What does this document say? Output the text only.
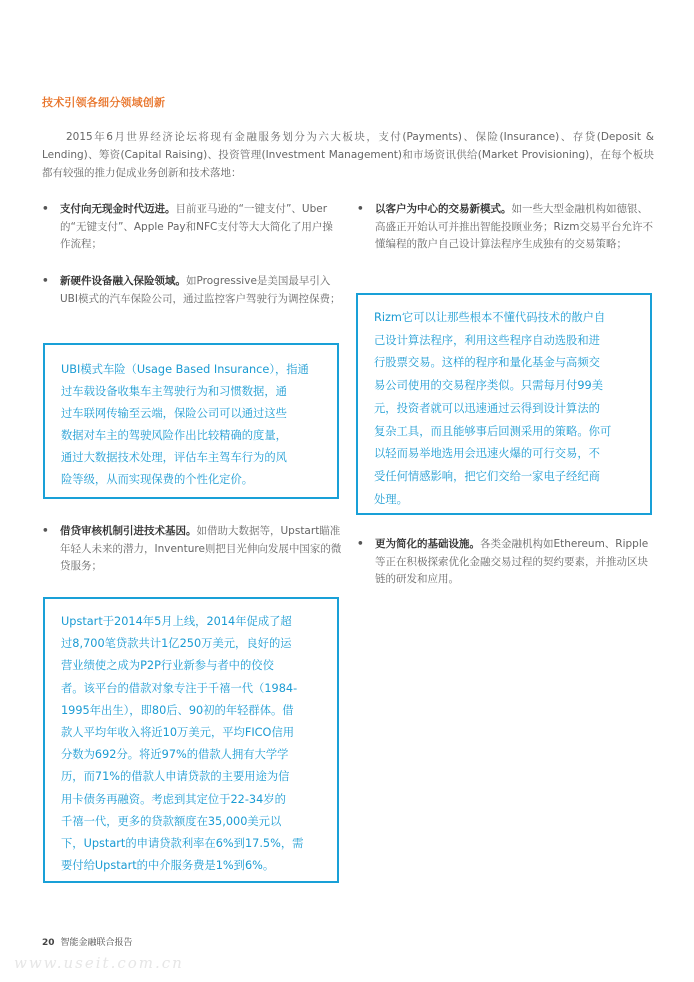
技术引领各细分领域创新
2015年6月世界经济论坛将现有金融服务划分为六大板块，支付(Payments)、保险(Insurance)、存贷(Deposit & Lending)、筹资(Capital Raising)、投资管理(Investment Management)和市场资讯供给(Market Provisioning)，在每个板块都有较强的推力促成业务创新和技术落地：
• 支付向无现金时代迈进。目前亚马逊的“一键支付”、Uber的“无键支付”、Apple Pay和NFC支付等大大简化了用户操作流程；
• 新硬件设备融入保险领域。如Progressive是美国最早引入UBI模式的汽车保险公司，通过监控客户驾驶行为调控保费；
• 借贷审核机制引进技术基因。如借助大数据等，Upstart瞄准年轻人未来的潜力，Inventure则把目光伸向发展中国家的微贷服务；
• 以客户为中心的交易新模式。如一些大型金融机构如德银、高盛正开始认可并推出智能投顾业务；Rizm交易平台允许不懂编程的散户自己设计算法程序生成独有的交易策略；
• 更为简化的基础设施。各类金融机构如Ethereum、Ripple等正在积极探索优化金融交易过程的契约要素，并推动区块链的研发和应用。
UBI模式车险（Usage Based Insurance），指通
过车载设备收集车主驾驶行为和习惯数据，通
过车联网传输至云端，保险公司可以通过这些
数据对车主的驾驶风险作出比较精确的度量，
通过大数据技术处理，评估车主驾车行为的风
险等级，从而实现保费的个性化定价。
Rizm它可以让那些根本不懂代码技术的散户自
己设计算法程序，利用这些程序自动选股和进
行股票交易。这样的程序和量化基金与高频交
易公司使用的交易程序类似。只需每月付99美
元，投资者就可以迅速通过云得到设计算法的
复杂工具，而且能够事后回测采用的策略。你可
以轻而易举地选用会迅速火爆的可行交易，不
受任何情感影响，把它们交给一家电子经纪商
处理。
Upstart于2014年5月上线，2014年促成了超
过8,700笔贷款共计1亿250万美元，良好的运
营业绩使之成为P2P行业新参与者中的佼佼
者。该平台的借款对象专注于千禧一代（1984-
1995年出生），即80后、90初的年轻群体。借
款人平均年收入将近10万美元，平均FICO信用
分数为692分。将近97%的借款人拥有大学学
历，而71%的借款人申请贷款的主要用途为信
用卡债务再融资。考虑到其定位于22-34岁的
千禧一代，更多的贷款额度在35,000美元以
下，Upstart的申请贷款利率在6%到17.5%，需
要付给Upstart的中介服务费是1%到6%。
20 智能金融联合报告
www.useit.com.cn
